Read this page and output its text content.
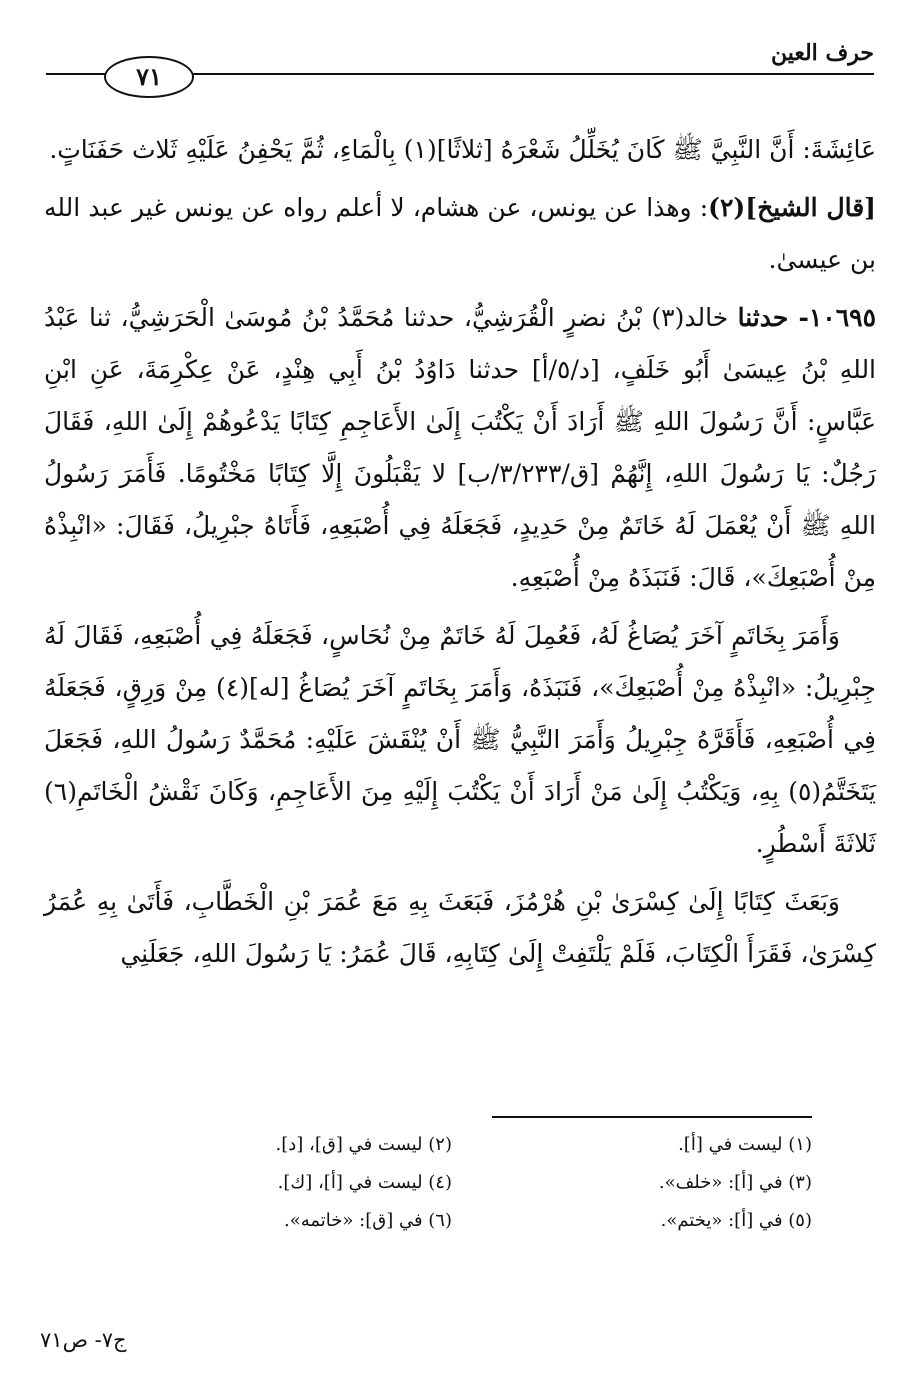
حرف العين
٧١

عَائِشَةَ: أَنَّ النَّبِيَّ ﷺ كَانَ يُخَلِّلُ شَعْرَهُ [ثلاثًا](١) بِالْمَاءِ، ثُمَّ يَحْفِنُ عَلَيْهِ ثَلاث حَفَنَاتٍ.

[قال الشيخ](٢): وهذا عن يونس، عن هشام، لا أعلم رواه عن يونس غير عبد الله بن عيسىٰ.

١٠٦٩٥- حدثنا خالد(٣) بْنُ نضرٍ الْقُرَشِيُّ، حدثنا مُحَمَّدُ بْنُ مُوسَىٰ الْحَرَشِيُّ، ثنا عَبْدُ اللهِ بْنُ عِيسَىٰ أَبُو خَلَفٍ، [د/٥/أ] حدثنا دَاوُدُ بْنُ أَبِي هِنْدٍ، عَنْ عِكْرِمَةَ، عَنِ ابْنِ عَبَّاسٍ: أَنَّ رَسُولَ اللهِ ﷺ أَرَادَ أَنْ يَكْتُبَ إِلَىٰ الأَعَاجِمِ كِتَابًا يَدْعُوهُمْ إِلَىٰ اللهِ، فَقَالَ رَجُلٌ: يَا رَسُولَ اللهِ، إِنَّهُمْ [ق/٣/٢٣٣/ب] لا يَقْبَلُونَ إِلَّا كِتَابًا مَخْتُومًا. فَأَمَرَ رَسُولُ اللهِ ﷺ أَنْ يُعْمَلَ لَهُ خَاتَمٌ مِنْ حَدِيدٍ، فَجَعَلَهُ فِي أُصْبَعِهِ، فَأَتَاهُ جبْرِيلُ، فَقَالَ: «انْبِذْهُ مِنْ أُصْبَعِكَ»، قَالَ: فَنَبَذَهُ مِنْ أُصْبَعِهِ.

وَأَمَرَ بِخَاتَمٍ آخَرَ يُصَاغُ لَهُ، فَعُمِلَ لَهُ خَاتَمٌ مِنْ نُحَاسٍ، فَجَعَلَهُ فِي أُصْبَعِهِ، فَقَالَ لَهُ جِبْرِيلُ: «انْبِذْهُ مِنْ أُصْبَعِكَ»، فَنَبَذَهُ، وَأَمَرَ بِخَاتَمٍ آخَرَ يُصَاغُ [له](٤) مِنْ وَرِقٍ، فَجَعَلَهُ فِي أُصْبَعِهِ، فَأَقَرَّهُ جِبْرِيلُ وَأَمَرَ النَّبِيُّ ﷺ أَنْ يُنْقَشَ عَلَيْهِ: مُحَمَّدٌ رَسُولُ اللهِ، فَجَعَلَ يَتَخَتَّمُ(٥) بِهِ، وَيَكْتُبُ إِلَىٰ مَنْ أَرَادَ أَنْ يَكْتُبَ إِلَيْهِ مِنَ الأَعَاجِمِ، وَكَانَ نَقْشُ الْخَاتَمِ(٦) ثَلاثَةَ أَسْطُرٍ.

وَبَعَثَ كِتَابًا إِلَىٰ كِسْرَىٰ بْنِ هُرْمُزَ، فَبَعَثَ بِهِ مَعَ عُمَرَ بْنِ الْخَطَّابِ، فَأَتَىٰ بِهِ عُمَرُ كِسْرَىٰ، فَقَرَأَ الْكِتَابَ، فَلَمْ يَلْتَفِتْ إِلَىٰ كِتَابِهِ، قَالَ عُمَرُ: يَا رَسُولَ اللهِ، جَعَلَنِي

(١) ليست في [أ].
(٢) ليست في [ق]، [د].
(٣) في [أ]: «خلف».
(٤) ليست في [أ]، [ك].
(٥) في [أ]: «يختم».
(٦) في [ق]: «خاتمه».
ج٧- ص٧١
